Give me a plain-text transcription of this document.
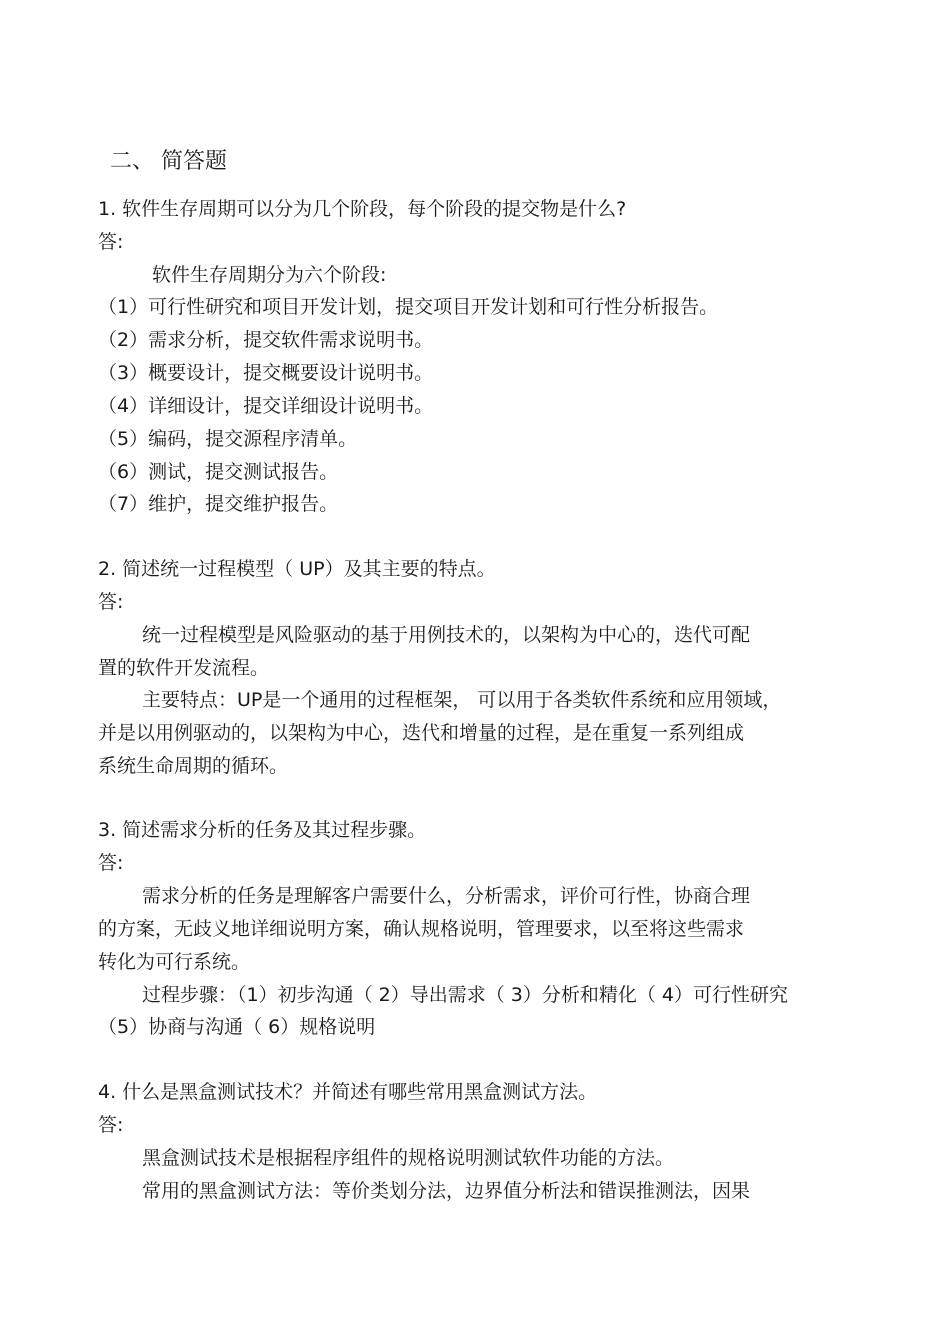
二、 简答题
1. 软件生存周期可以分为几个阶段，每个阶段的提交物是什么?
答:
软件生存周期分为六个阶段:
（1）可行性研究和项目开发计划，提交项目开发计划和可行性分析报告。
（2）需求分析，提交软件需求说明书。
（3）概要设计，提交概要设计说明书。
（4）详细设计，提交详细设计说明书。
（5）编码，提交源程序清单。
（6）测试，提交测试报告。
（7）维护，提交维护报告。
2. 简述统一过程模型（ UP）及其主要的特点。
答:
统一过程模型是风险驱动的基于用例技术的，以架构为中心的，迭代可配
置的软件开发流程。
主要特点：UP是一个通用的过程框架， 可以用于各类软件系统和应用领域，
并是以用例驱动的，以架构为中心，迭代和增量的过程，是在重复一系列组成
系统生命周期的循环。
3. 简述需求分析的任务及其过程步骤。
答:
需求分析的任务是理解客户需要什么，分析需求，评价可行性，协商合理
的方案，无歧义地详细说明方案，确认规格说明，管理要求，以至将这些需求
转化为可行系统。
过程步骤：（1）初步沟通（ 2）导出需求（ 3）分析和精化（ 4）可行性研究
（5）协商与沟通（ 6）规格说明
4. 什么是黑盒测试技术？并简述有哪些常用黑盒测试方法。
答:
黑盒测试技术是根据程序组件的规格说明测试软件功能的方法。
常用的黑盒测试方法：等价类划分法，边界值分析法和错误推测法，因果
